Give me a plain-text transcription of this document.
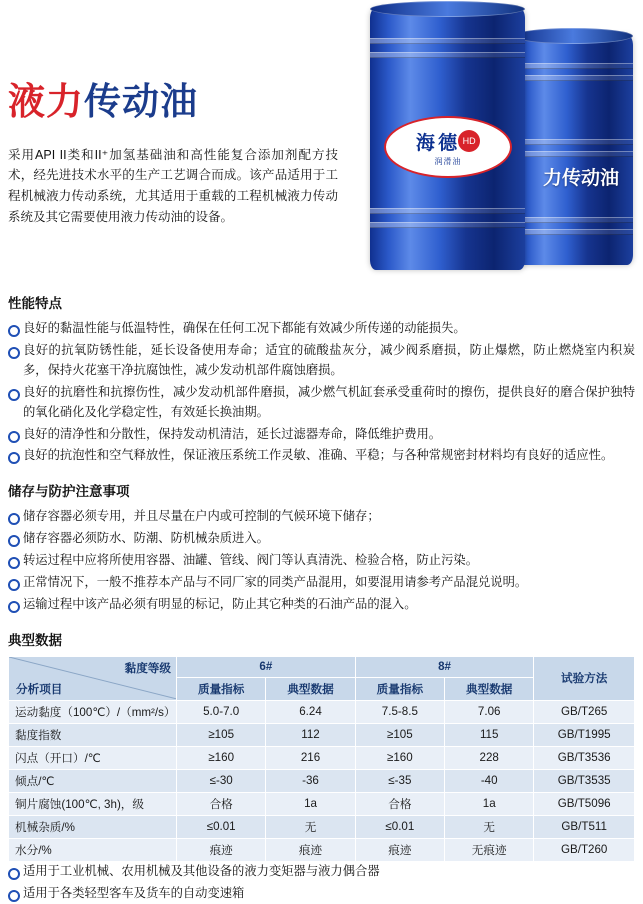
力传动油
海 德 HD
润滑油
液力传动油

采用API II类和II⁺加氢基础油和高性能复合添加剂配方技术，经先进技术水平的生产工艺调合而成。该产品适用于工程机械液力传动系统，尤其适用于重载的工程机械液力传动系统及其它需要使用液力传动油的设备。

性能特点
良好的黏温性能与低温特性，确保在任何工况下都能有效减少所传递的动能损失。
良好的抗氧防锈性能，延长设备使用寿命；适宜的硫酸盐灰分，减少阀系磨损，防止爆燃，防止燃烧室内积炭多，保持火花塞干净抗腐蚀性，减少发动机部件腐蚀磨损。
良好的抗磨性和抗擦伤性，减少发动机部件磨损，减少燃气机缸套承受重荷时的擦伤，提供良好的磨合保护独特的氧化硝化及化学稳定性，有效延长换油期。
良好的清净性和分散性，保持发动机清洁，延长过滤器寿命，降低维护费用。
良好的抗泡性和空气释放性，保证液压系统工作灵敏、准确、平稳；与各种常规密封材料均有良好的适应性。
储存与防护注意事项
储存容器必须专用，并且尽量在户内或可控制的气候环境下储存；
储存容器必须防水、防潮、防机械杂质进入。
转运过程中应将所使用容器、油罐、管线、阀门等认真清洗、检验合格，防止污染。
正常情况下，一般不推荐本产品与不同厂家的同类产品混用，如要混用请参考产品混兑说明。
运输过程中该产品必须有明显的标记，防止其它种类的石油产品的混入。
典型数据
黏度等级
分析项目	6#		8#		试验方法
	质量指标	典型数据	质量指标	典型数据	
运动黏度（100℃）/（mm²/s）	5.0-7.0	6.24	7.5-8.5	7.06	GB/T265
黏度指数	≥105	112	≥105	115	GB/T1995
闪点（开口）/℃	≥160	216	≥160	228	GB/T3536
倾点/℃	≤-30	-36	≤-35	-40	GB/T3535
铜片腐蚀(100℃, 3h)，级	合格	1a	合格	1a	GB/T5096
机械杂质/%	≤0.01	无	≤0.01	无	GB/T511
水分/%	痕迹	痕迹	痕迹	无痕迹	GB/T260
适用于工业机械、农用机械及其他设备的液力变矩器与液力偶合器
适用于各类轻型客车及货车的自动变速箱
